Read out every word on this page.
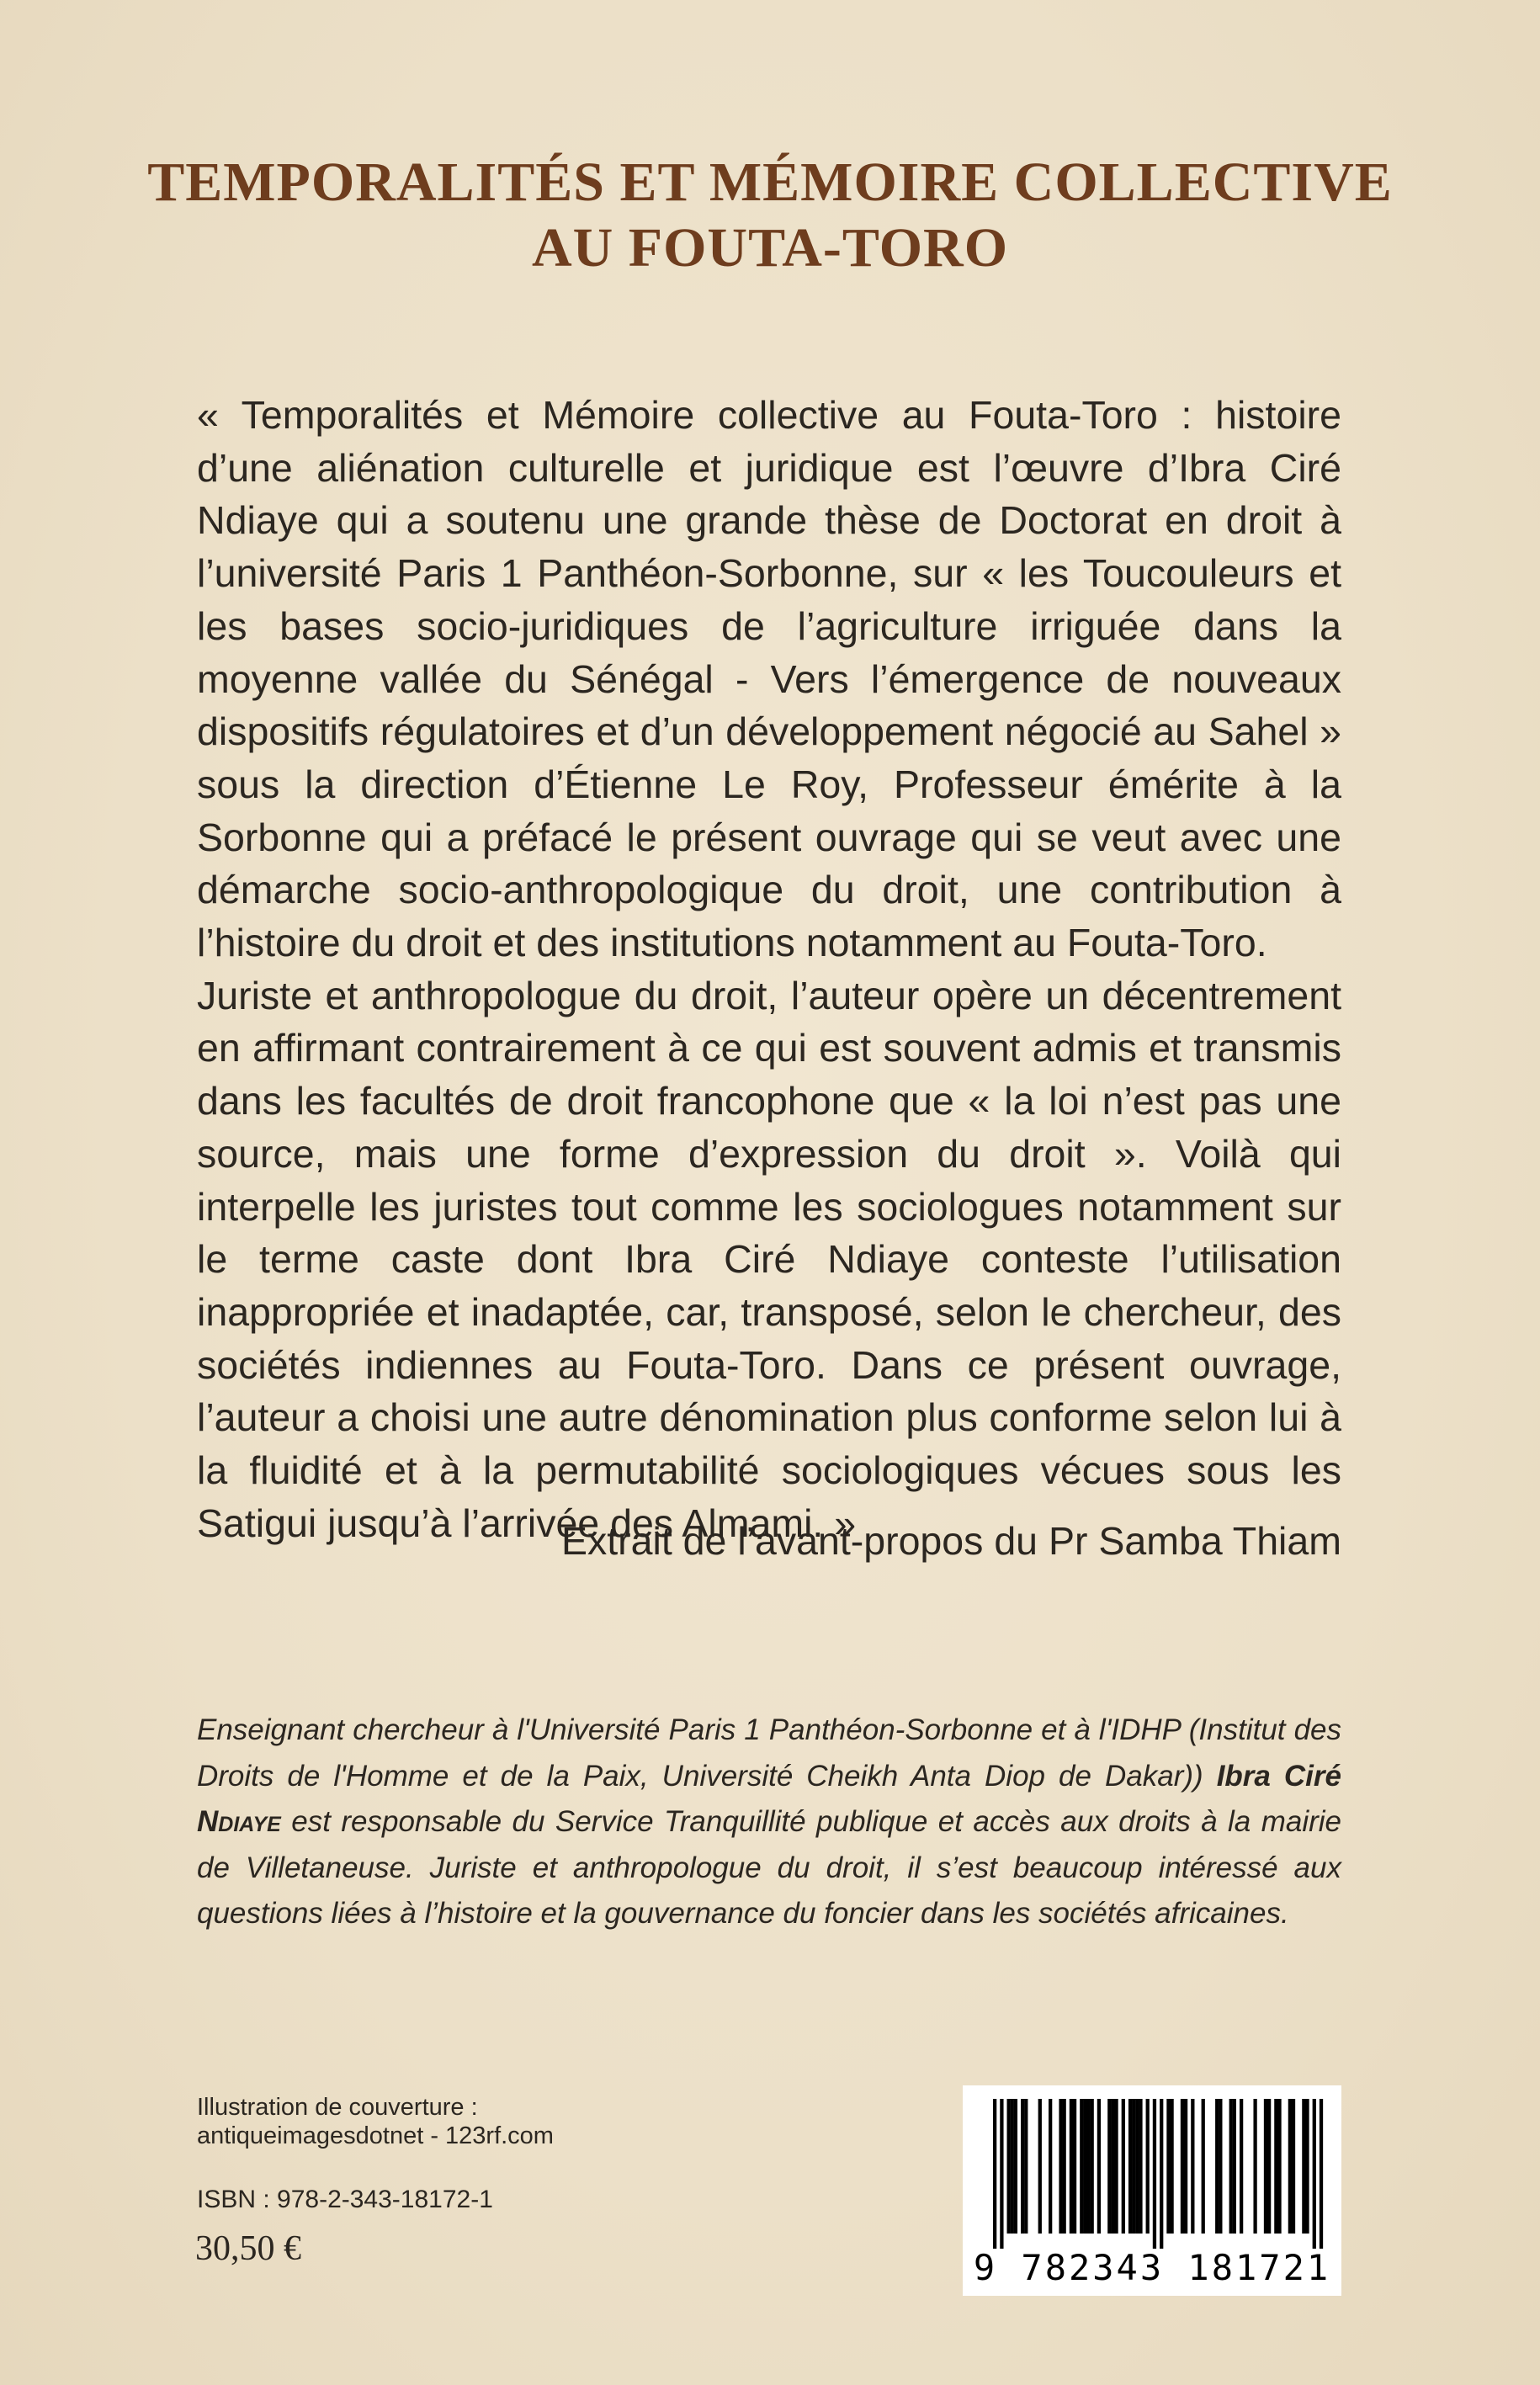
TEMPORALITÉS ET MÉMOIRE COLLECTIVE
AU FOUTA-TORO

« Temporalités et Mémoire collective au Fouta-Toro : histoire d’une aliénation culturelle et juridique est l’œuvre d’Ibra Ciré Ndiaye qui a soutenu une grande thèse de Doctorat en droit à l’université Paris 1 Panthéon-Sorbonne, sur « les Toucouleurs et les bases socio-juridiques de l’agriculture irriguée dans la moyenne vallée du Sénégal - Vers l’émergence de nouveaux dispositifs régulatoires et d’un développement négocié au Sahel » sous la direction d’Étienne Le Roy, Professeur émérite à la Sorbonne qui a préfacé le présent ouvrage qui se veut avec une démarche socio-anthropologique du droit, une contribution à l’histoire du droit et des institutions notamment au Fouta-Toro.

Juriste et anthropologue du droit, l’auteur opère un décentrement en affirmant contrairement à ce qui est souvent admis et transmis dans les facultés de droit francophone que « la loi n’est pas une source, mais une forme d’expression du droit ». Voilà qui interpelle les juristes tout comme les sociologues notamment sur le terme caste dont Ibra Ciré Ndiaye conteste l’utilisation inappropriée et inadaptée, car, transposé, selon le chercheur, des sociétés indiennes au Fouta-Toro. Dans ce présent ouvrage, l’auteur a choisi une autre dénomination plus conforme selon lui à la fluidité et à la permutabilité sociologiques vécues sous les Satigui jusqu’à l’arrivée des Almami. »

Extrait de l’avant-propos du Pr Samba Thiam
Enseignant chercheur à l'Université Paris 1 Panthéon-Sorbonne et à l'IDHP (Institut des Droits de l'Homme et de la Paix, Université Cheikh Anta Diop de Dakar)) Ibra Ciré Ndiaye est responsable du Service Tranquillité publique et accès aux droits à la mairie de Villetaneuse. Juriste et anthropologue du droit, il s’est beaucoup intéressé aux questions liées à l’histoire et la gouvernance du foncier dans les sociétés africaines.
Illustration de couverture :
antiqueimagesdotnet - 123rf.com
ISBN : 978-2-343-18172-1
30,50 €	9 782343 181721
